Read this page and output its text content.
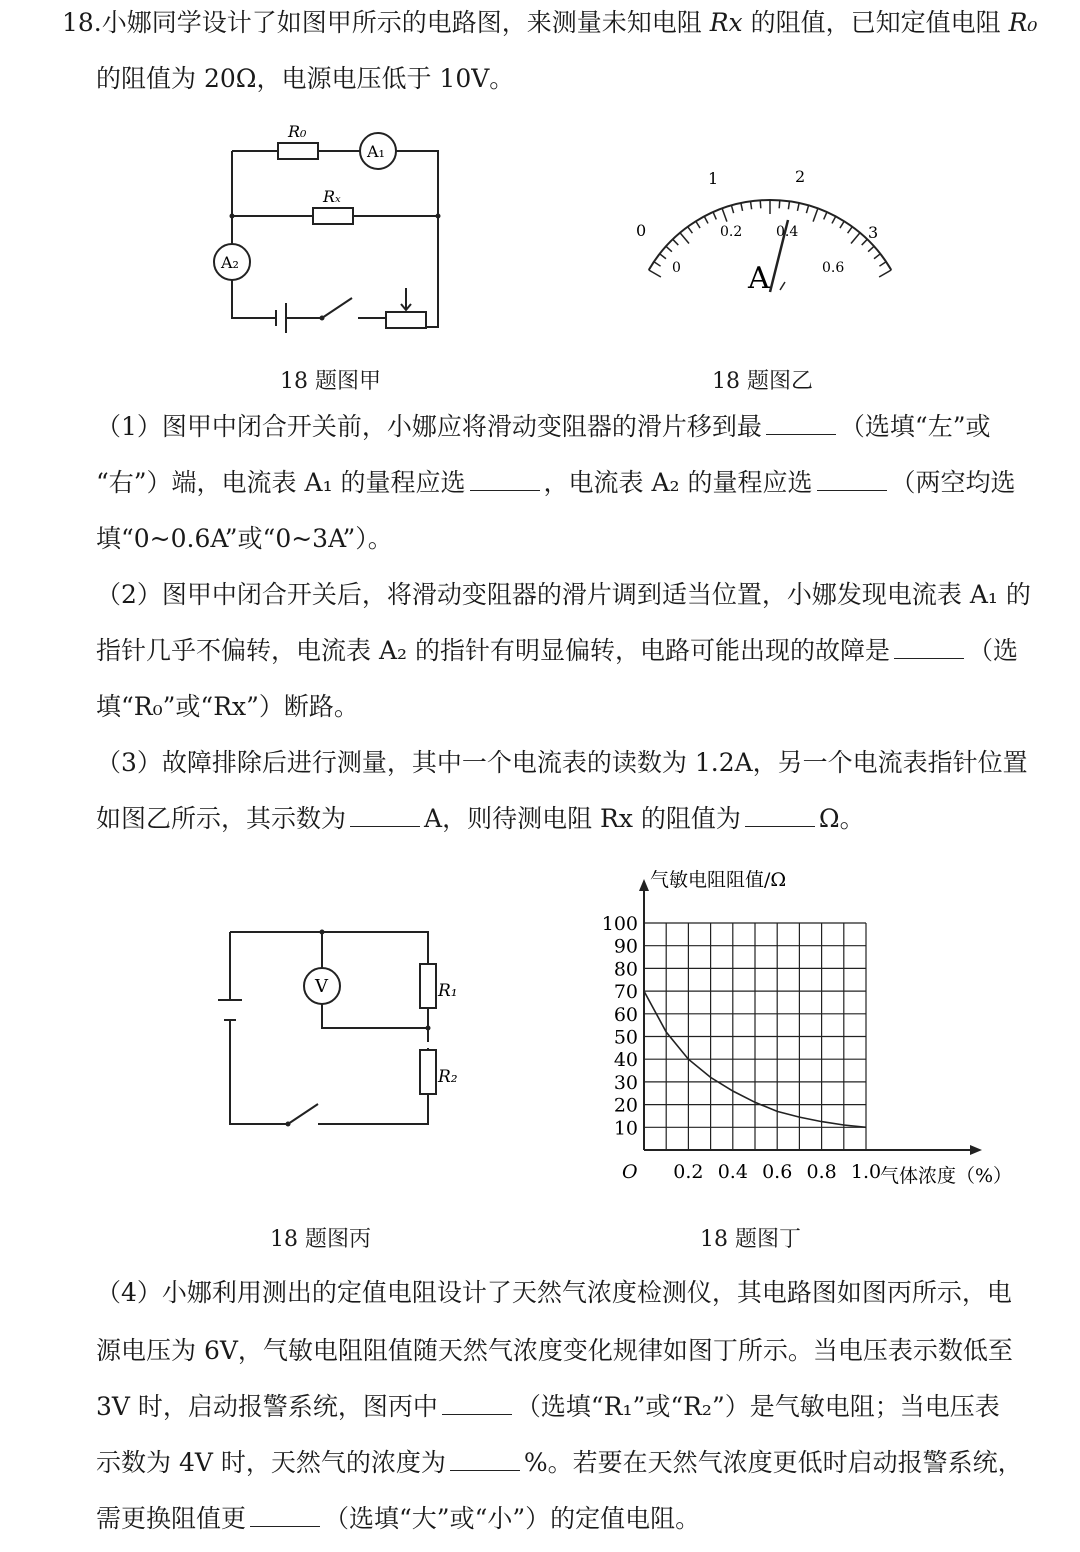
18.小娜同学设计了如图甲所示的电路图，来测量未知电阻 Rx 的阻值，已知定值电阻 R₀
的阻值为 20Ω，电源电压低于 10V。
R₀
Rₓ
A₁
A₂	A
0
1	2
3
0
0.2 0.4
0.6
18 题图甲	18 题图乙
（1）图甲中闭合开关前，小娜应将滑动变阻器的滑片移到最	（选填“左”或
“右”）端，电流表 A₁ 的量程应选	，电流表 A₂ 的量程应选	（两空均选
填“0~0.6A”或“0~3A”）。
（2）图甲中闭合开关后，将滑动变阻器的滑片调到适当位置，小娜发现电流表 A₁ 的
指针几乎不偏转，电流表 A₂ 的指针有明显偏转，电路可能出现的故障是	（选
填“R₀”或“Rx”）断路。
（3）故障排除后进行测量，其中一个电流表的读数为 1.2A，另一个电流表指针位置
如图乙所示，其示数为	A，则待测电阻 Rx 的阻值为	Ω。
V	R₁
R₂
10
20
30
40
50
60
70
80
90
100
0.2 0.4 0.6 0.8 1.0
气敏电阻阻值/Ω
气体浓度（%）
O
18 题图丙	18 题图丁
（4）小娜利用测出的定值电阻设计了天然气浓度检测仪，其电路图如图丙所示，电
源电压为 6V，气敏电阻阻值随天然气浓度变化规律如图丁所示。当电压表示数低至
3V 时，启动报警系统，图丙中	（选填“R₁”或“R₂”）是气敏电阻；当电压表
示数为 4V 时，天然气的浓度为	%。若要在天然气浓度更低时启动报警系统，
需更换阻值更	（选填“大”或“小”）的定值电阻。
